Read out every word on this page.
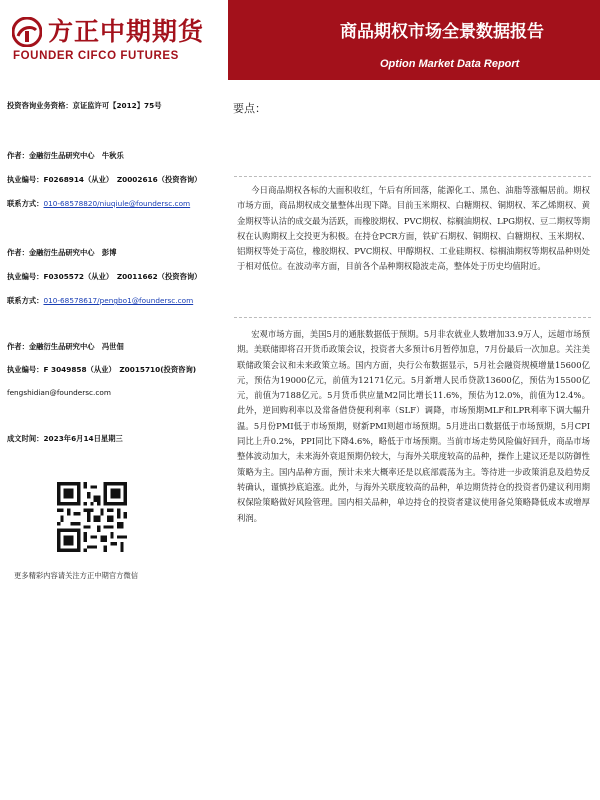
方正中期期货
FOUNDER CIFCO FUTURES
商品期权市场全景数据报告
Option Market Data Report
投资咨询业务资格：京证监许可【2012】75号
作者：金融衍生品研究中心　牛秋乐
执业编号：F0268914（从业）　Z0002616（投资咨询）
联系方式：010-68578820/niuqiule@foundersc.com
作者：金融衍生品研究中心　彭博
执业编号：F0305572（从业）　Z0011662（投资咨询）
联系方式：010-68578617/pengbo1@foundersc.com
作者：金融衍生品研究中心　冯世佃
执业编号：F 3049858（从业）　Z0015710(投资咨询)
fengshidian@foundersc.com
成文时间：2023年6月14日星期三
更多精彩内容请关注方正中期官方微信
要点：

今日商品期权各标的大面积收红，午后有所回落，能源化工、黑色、油脂等涨幅居前。期权市场方面，商品期权成交量整体出现下降。目前玉米期权、白糖期权、铜期权、苯乙烯期权、黄金期权等认沽的成交最为活跃，而橡胶期权、PVC期权、棕榈油期权、LPG期权、豆二期权等期权在认购期权上交投更为积极。在持仓PCR方面，铁矿石期权、铜期权、白糖期权、玉米期权、铝期权等处于高位，橡胶期权、PVC期权、甲醇期权、工业硅期权、棕榈油期权等期权品种则处于相对低位。在波动率方面，目前各个品种期权隐波走高，整体处于历史均值附近。

宏观市场方面，美国5月的通胀数据低于预期。5月非农就业人数增加33.9万人，远超市场预期。美联储即将召开货币政策会议，投资者大多预计6月暂停加息，7月份最后一次加息。关注美联储政策会议和未来政策立场。国内方面，央行公布数据显示，5月社会融资规模增量15600亿元，预估为19000亿元，前值为12171亿元。5月新增人民币贷款13600亿，预估为15500亿元，前值为7188亿元。5月货币供应量M2同比增长11.6%，预估为12.0%，前值为12.4%。此外，逆回购利率以及常备借贷便利利率（SLF）调降，市场预期MLF和LPR利率下调大幅升温。5月份PMI低于市场预期，财新PMI则超市场预期。5月进出口数据低于市场预期，5月CPI同比上升0.2%，PPI同比下降4.6%，略低于市场预期。当前市场走势风险偏好回升，商品市场整体波动加大，未来海外衰退预期仍较大，与海外关联度较高的品种，操作上建议还是以防御性策略为主。国内品种方面，预计未来大概率还是以底部震荡为主。等待进一步政策消息及趋势反转确认，谨慎抄底追涨。此外，与海外关联度较高的品种，单边期货持仓的投资者仍建议利用期权保险策略做好风险管理。国内相关品种，单边持仓的投资者建议使用备兑策略降低成本或增厚利润。
